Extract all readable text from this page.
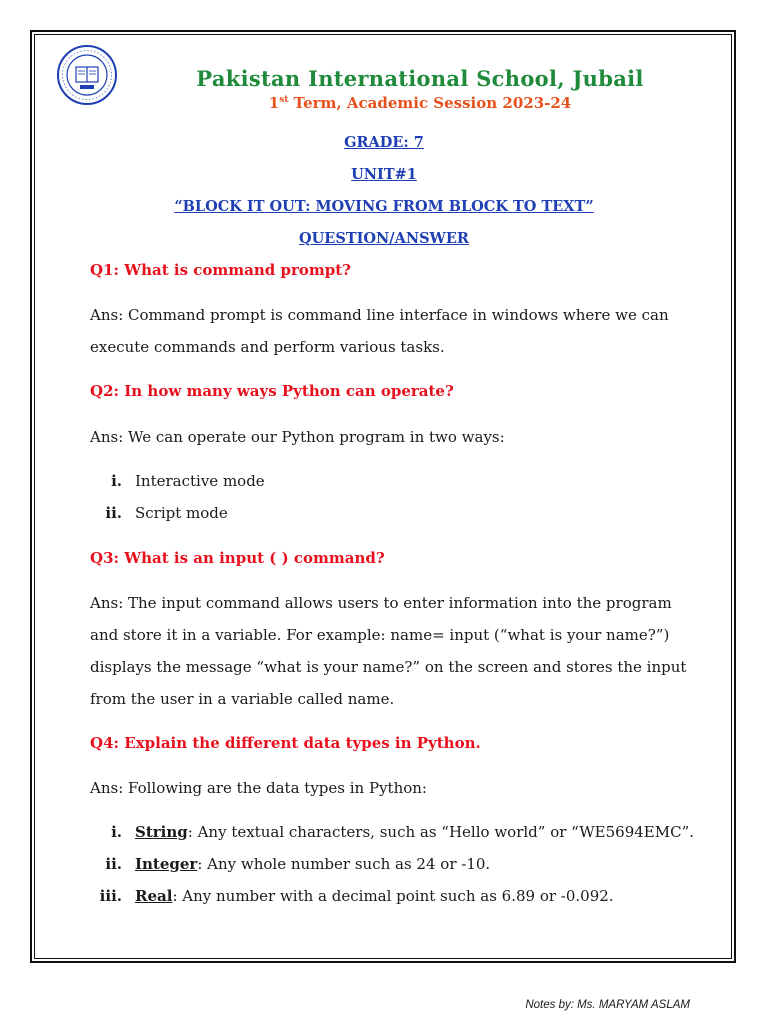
Pakistan International School, Jubail
1st Term, Academic Session 2023-24
GRADE: 7
UNIT#1
“BLOCK IT OUT: MOVING FROM BLOCK TO TEXT”
QUESTION/ANSWER
Q1: What is command prompt?
Ans: Command prompt is command line interface in windows where we can
execute commands and perform various tasks.
Q2: In how many ways Python can operate?
Ans: We can operate our Python program in two ways:
i. Interactive mode
ii. Script mode
Q3: What is an input ( ) command?
Ans: The input command allows users to enter information into the program
and store it in a variable. For example: name= input (“what is your name?”)
displays the message “what is your name?” on the screen and stores the input
from the user in a variable called name.
Q4: Explain the different data types in Python.
Ans: Following are the data types in Python:
i. String: Any textual characters, such as “Hello world” or “WE5694EMC”.
ii. Integer: Any whole number such as 24 or -10.
iii. Real: Any number with a decimal point such as 6.89 or -0.092.
Notes by: Ms. MARYAM ASLAM
